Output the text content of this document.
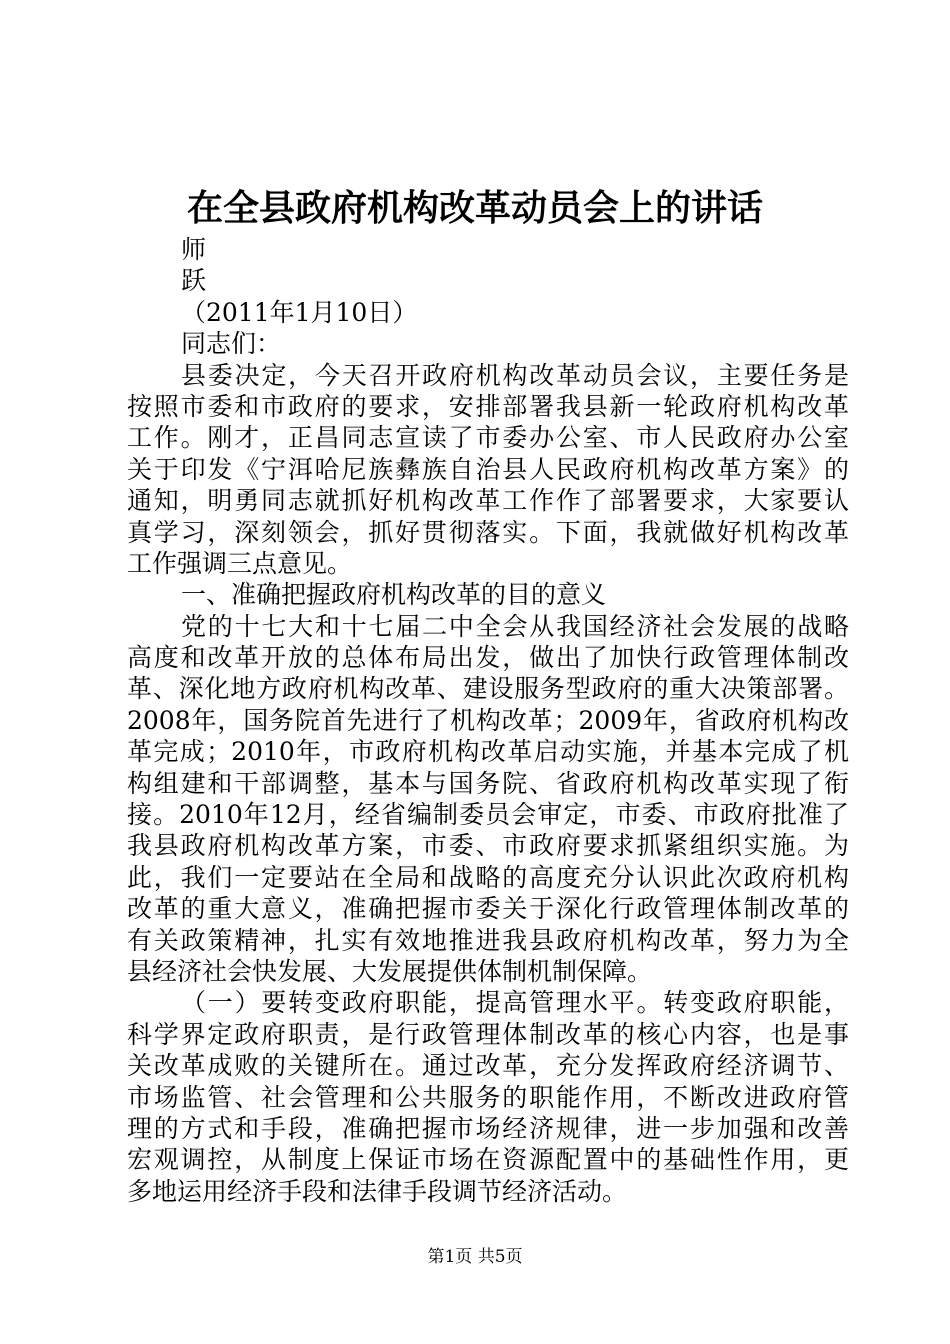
在全县政府机构改革动员会上的讲话
师
跃
（2011年1月10日）
同志们：
县委决定，今天召开政府机构改革动员会议，主要任务是
按照市委和市政府的要求，安排部署我县新一轮政府机构改革
工作。刚才，正昌同志宣读了市委办公室、市人民政府办公室
关于印发《宁洱哈尼族彝族自治县人民政府机构改革方案》的
通知，明勇同志就抓好机构改革工作作了部署要求，大家要认
真学习，深刻领会，抓好贯彻落实。下面，我就做好机构改革
工作强调三点意见。
一、准确把握政府机构改革的目的意义
党的十七大和十七届二中全会从我国经济社会发展的战略
高度和改革开放的总体布局出发，做出了加快行政管理体制改
革、深化地方政府机构改革、建设服务型政府的重大决策部署。
2008年，国务院首先进行了机构改革；2009年，省政府机构改
革完成；2010年，市政府机构改革启动实施，并基本完成了机
构组建和干部调整，基本与国务院、省政府机构改革实现了衔
接。2010年12月，经省编制委员会审定，市委、市政府批准了
我县政府机构改革方案，市委、市政府要求抓紧组织实施。为
此，我们一定要站在全局和战略的高度充分认识此次政府机构
改革的重大意义，准确把握市委关于深化行政管理体制改革的
有关政策精神，扎实有效地推进我县政府机构改革，努力为全
县经济社会快发展、大发展提供体制机制保障。
（一）要转变政府职能，提高管理水平。转变政府职能，
科学界定政府职责，是行政管理体制改革的核心内容，也是事
关改革成败的关键所在。通过改革，充分发挥政府经济调节、
市场监管、社会管理和公共服务的职能作用，不断改进政府管
理的方式和手段，准确把握市场经济规律，进一步加强和改善
宏观调控，从制度上保证市场在资源配置中的基础性作用，更
多地运用经济手段和法律手段调节经济活动。
第1页 共5页
